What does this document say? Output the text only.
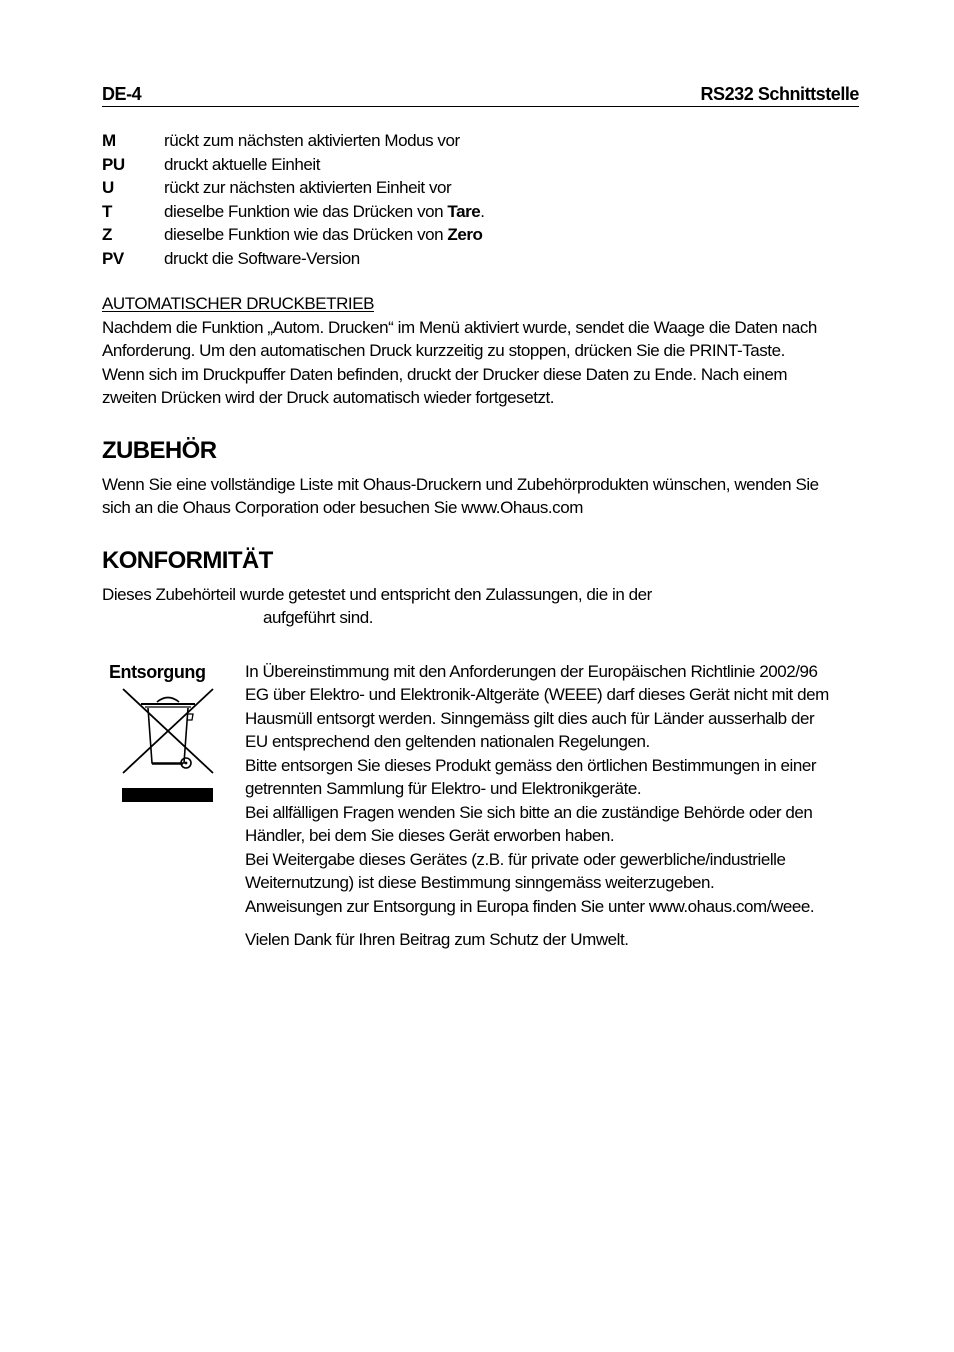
DE-4	RS232 Schnittstelle
M	rückt zum nächsten aktivierten Modus vor
PU	druckt aktuelle Einheit
U	rückt zur nächsten aktivierten Einheit vor
T	dieselbe Funktion wie das Drücken von Tare.
Z	dieselbe Funktion wie das Drücken von Zero
PV	druckt die Software-Version
AUTOMATISCHER DRUCKBETRIEB
Nachdem die Funktion „Autom. Drucken“ im Menü aktiviert wurde, sendet die Waage die Daten nach
Anforderung. Um den automatischen Druck kurzzeitig zu stoppen, drücken Sie die PRINT-Taste.
Wenn sich im Druckpuffer Daten befinden, druckt der Drucker diese Daten zu Ende. Nach einem
zweiten Drücken wird der Druck automatisch wieder fortgesetzt.
ZUBEHÖR
Wenn Sie eine vollständige Liste mit Ohaus-Druckern und Zubehörprodukten wünschen, wenden Sie
sich an die Ohaus Corporation oder besuchen Sie www.Ohaus.com
KONFORMITÄT
Dieses Zubehörteil wurde getestet und entspricht den Zulassungen, die in der
aufgeführt sind.
Entsorgung	In Übereinstimmung mit den Anforderungen der Europäischen Richtlinie 2002/96
EG über Elektro- und Elektronik-Altgeräte (WEEE) darf dieses Gerät nicht mit dem
Hausmüll entsorgt werden. Sinngemäss gilt dies auch für Länder ausserhalb der
EU entsprechend den geltenden nationalen Regelungen.
Bitte entsorgen Sie dieses Produkt gemäss den örtlichen Bestimmungen in einer
getrennten Sammlung für Elektro- und Elektronikgeräte.
Bei allfälligen Fragen wenden Sie sich bitte an die zuständige Behörde oder den
Händler, bei dem Sie dieses Gerät erworben haben.
Bei Weitergabe dieses Gerätes (z.B. für private oder gewerbliche/industrielle
Weiternutzung) ist diese Bestimmung sinngemäss weiterzugeben.
Anweisungen zur Entsorgung in Europa finden Sie unter www.ohaus.com/weee.
Vielen Dank für Ihren Beitrag zum Schutz der Umwelt.
